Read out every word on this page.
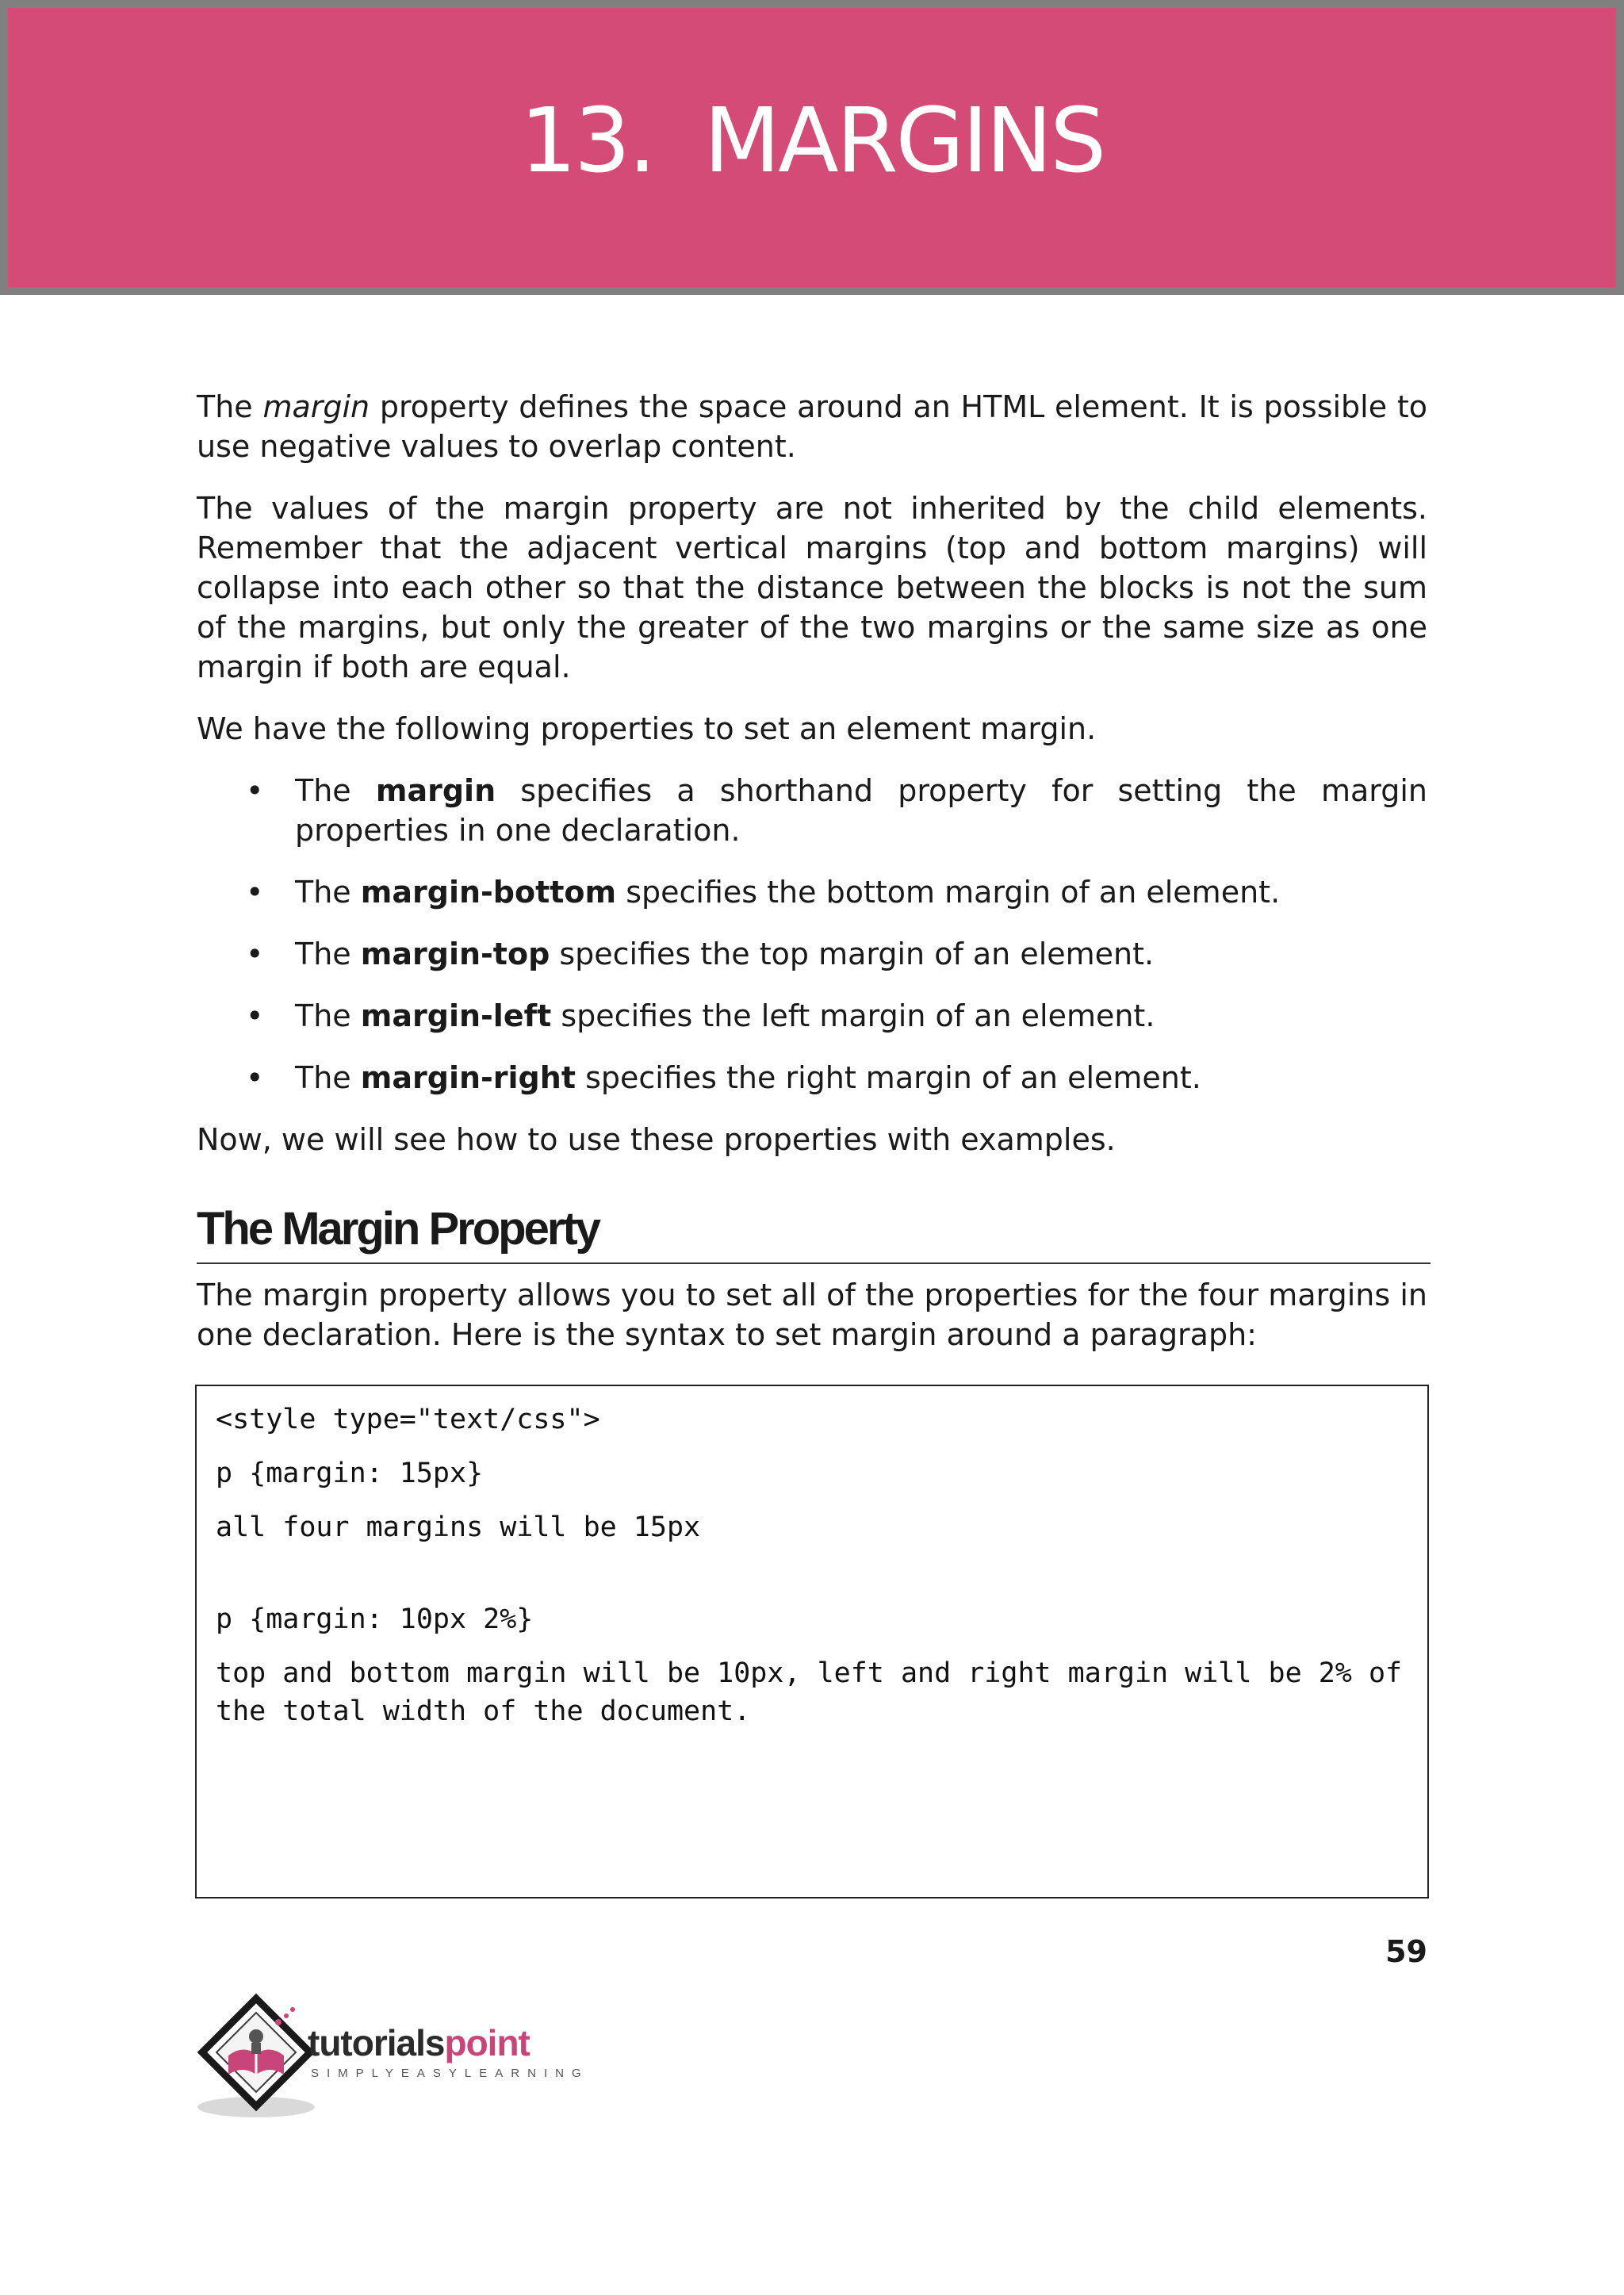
13. MARGINS

The margin property defines the space around an HTML element. It is possible to use negative values to overlap content.

The values of the margin property are not inherited by the child elements. Remember that the adjacent vertical margins (top and bottom margins) will collapse into each other so that the distance between the blocks is not the sum of the margins, but only the greater of the two margins or the same size as one margin if both are equal.

We have the following properties to set an element margin.

• The margin specifies a shorthand property for setting the margin properties in one declaration.
• The margin-bottom specifies the bottom margin of an element.
• The margin-top specifies the top margin of an element.
• The margin-left specifies the left margin of an element.
• The margin-right specifies the right margin of an element.

Now, we will see how to use these properties with examples.

The Margin Property

The margin property allows you to set all of the properties for the four margins in one declaration. Here is the syntax to set margin around a paragraph:

<style type="text/css">
p {margin: 15px}
all four margins will be 15px
p {margin: 10px 2%}
top and bottom margin will be 10px, left and right margin will be 2% of the total width of the document.
59
tutorialspoint
SIMPLYEASYLEARNING
